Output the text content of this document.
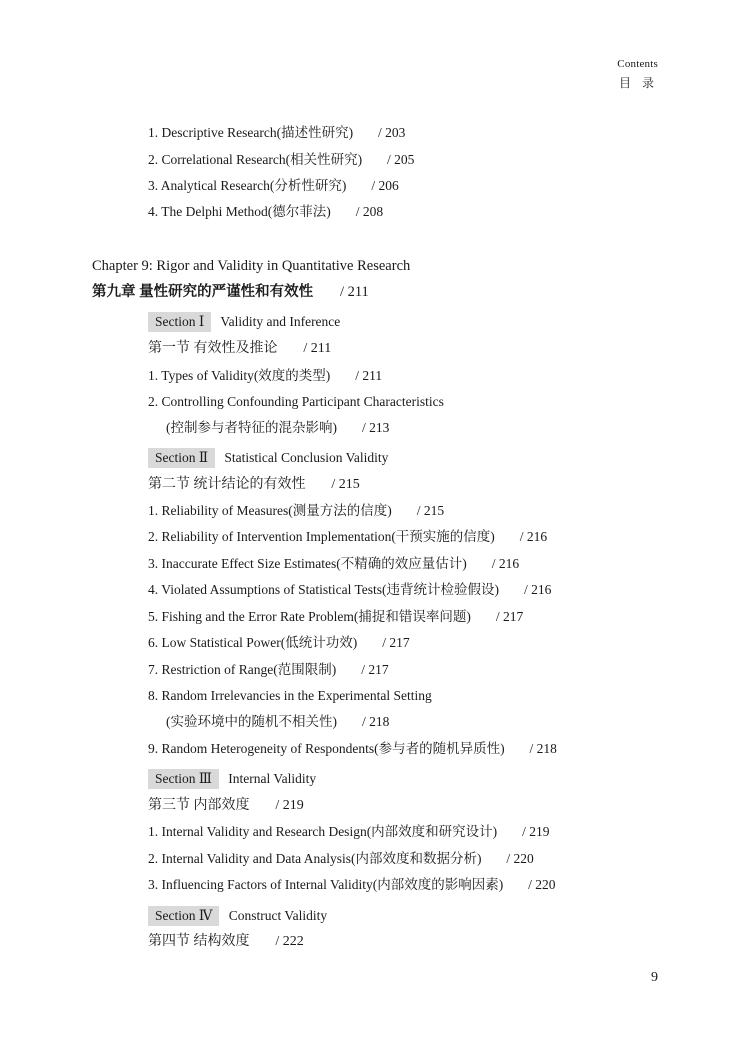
Contents
目 录
1. Descriptive Research(描述性研究) / 203
2. Correlational Research(相关性研究) / 205
3. Analytical Research(分析性研究) / 206
4. The Delphi Method(德尔菲法) / 208
Chapter 9: Rigor and Validity in Quantitative Research
第九章 量性研究的严谨性和有效性 / 211
Section Ⅰ Validity and Inference
第一节 有效性及推论 / 211
1. Types of Validity(效度的类型) / 211
2. Controlling Confounding Participant Characteristics
(控制参与者特征的混杂影响) / 213
Section Ⅱ Statistical Conclusion Validity
第二节 统计结论的有效性 / 215
1. Reliability of Measures(测量方法的信度) / 215
2. Reliability of Intervention Implementation(干预实施的信度) / 216
3. Inaccurate Effect Size Estimates(不精确的效应量估计) / 216
4. Violated Assumptions of Statistical Tests(违背统计检验假设) / 216
5. Fishing and the Error Rate Problem(捕捉和错误率问题) / 217
6. Low Statistical Power(低统计功效) / 217
7. Restriction of Range(范围限制) / 217
8. Random Irrelevancies in the Experimental Setting
(实验环境中的随机不相关性) / 218
9. Random Heterogeneity of Respondents(参与者的随机异质性) / 218
Section Ⅲ Internal Validity
第三节 内部效度 / 219
1. Internal Validity and Research Design(内部效度和研究设计) / 219
2. Internal Validity and Data Analysis(内部效度和数据分析) / 220
3. Influencing Factors of Internal Validity(内部效度的影响因素) / 220
Section Ⅳ Construct Validity
第四节 结构效度 / 222
9
